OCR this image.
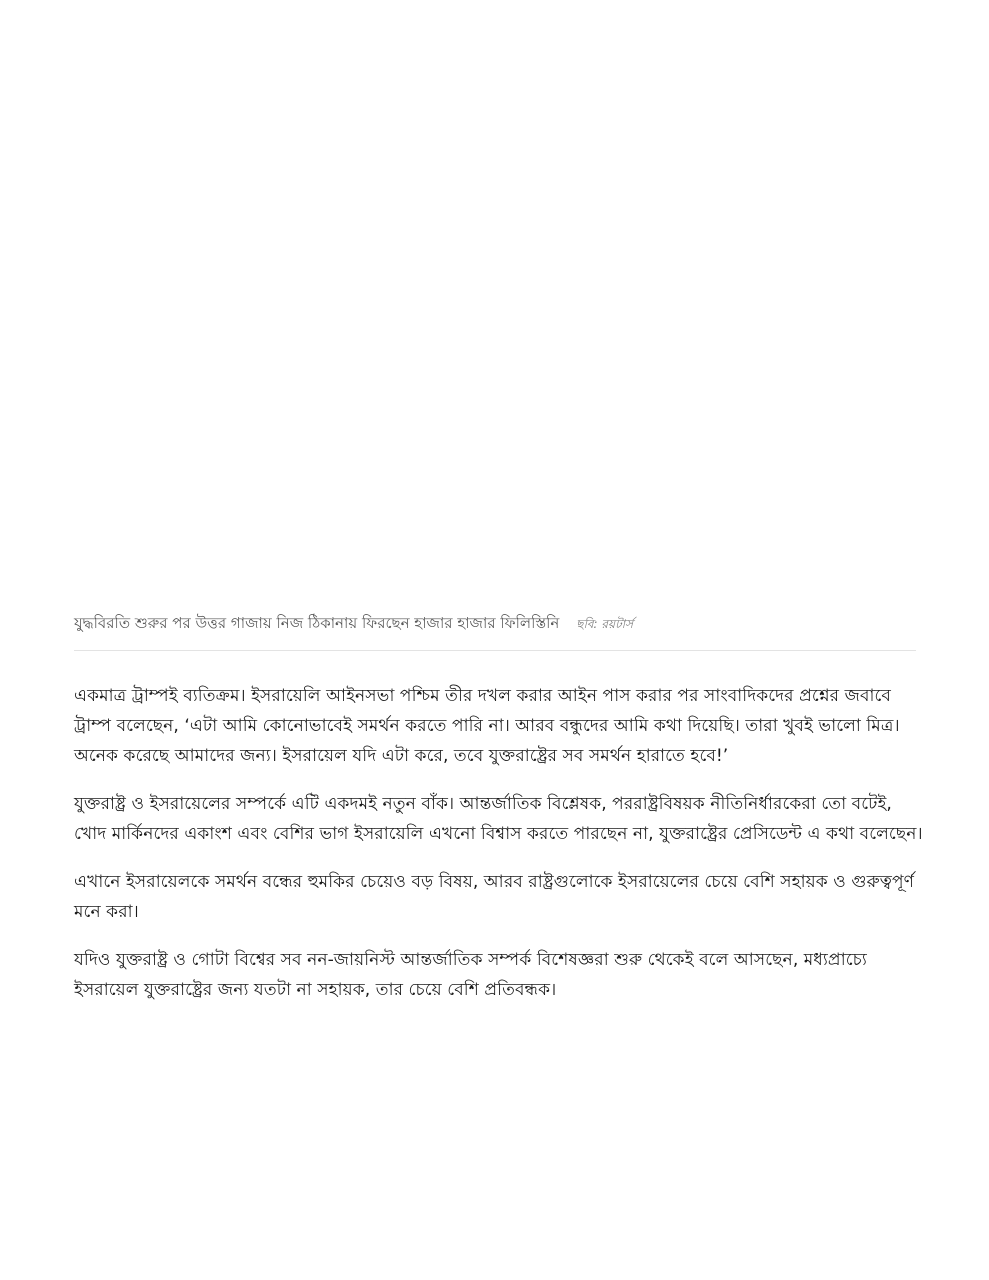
যুদ্ধবিরতি শুরুর পর উত্তর গাজায় নিজ ঠিকানায় ফিরছেন হাজার হাজার ফিলিস্তিনি ছবি: রয়টার্স

একমাত্র ট্রাম্পই ব্যতিক্রম। ইসরায়েলি আইনসভা পশ্চিম তীর দখল করার আইন পাস করার পর সাংবাদিকদের প্রশ্নের জবাবে ট্রাম্প বলেছেন, ‘এটা আমি কোনোভাবেই সমর্থন করতে পারি না। আরব বন্ধুদের আমি কথা দিয়েছি। তারা খুবই ভালো মিত্র। অনেক করেছে আমাদের জন্য। ইসরায়েল যদি এটা করে, তবে যুক্তরাষ্ট্রের সব সমর্থন হারাতে হবে!’

যুক্তরাষ্ট্র ও ইসরায়েলের সম্পর্কে এটি একদমই নতুন বাঁক। আন্তর্জাতিক বিশ্লেষক, পররাষ্ট্রবিষয়ক নীতিনির্ধারকেরা তো বটেই, খোদ মার্কিনদের একাংশ এবং বেশির ভাগ ইসরায়েলি এখনো বিশ্বাস করতে পারছেন না, যুক্তরাষ্ট্রের প্রেসিডেন্ট এ কথা বলেছেন।

এখানে ইসরায়েলকে সমর্থন বন্ধের হুমকির চেয়েও বড় বিষয়, আরব রাষ্ট্রগুলোকে ইসরায়েলের চেয়ে বেশি সহায়ক ও গুরুত্বপূর্ণ মনে করা।

যদিও যুক্তরাষ্ট্র ও গোটা বিশ্বের সব নন-জায়নিস্ট আন্তর্জাতিক সম্পর্ক বিশেষজ্ঞরা শুরু থেকেই বলে আসছেন, মধ্যপ্রাচ্যে ইসরায়েল যুক্তরাষ্ট্রের জন্য যতটা না সহায়ক, তার চেয়ে বেশি প্রতিবন্ধক।
